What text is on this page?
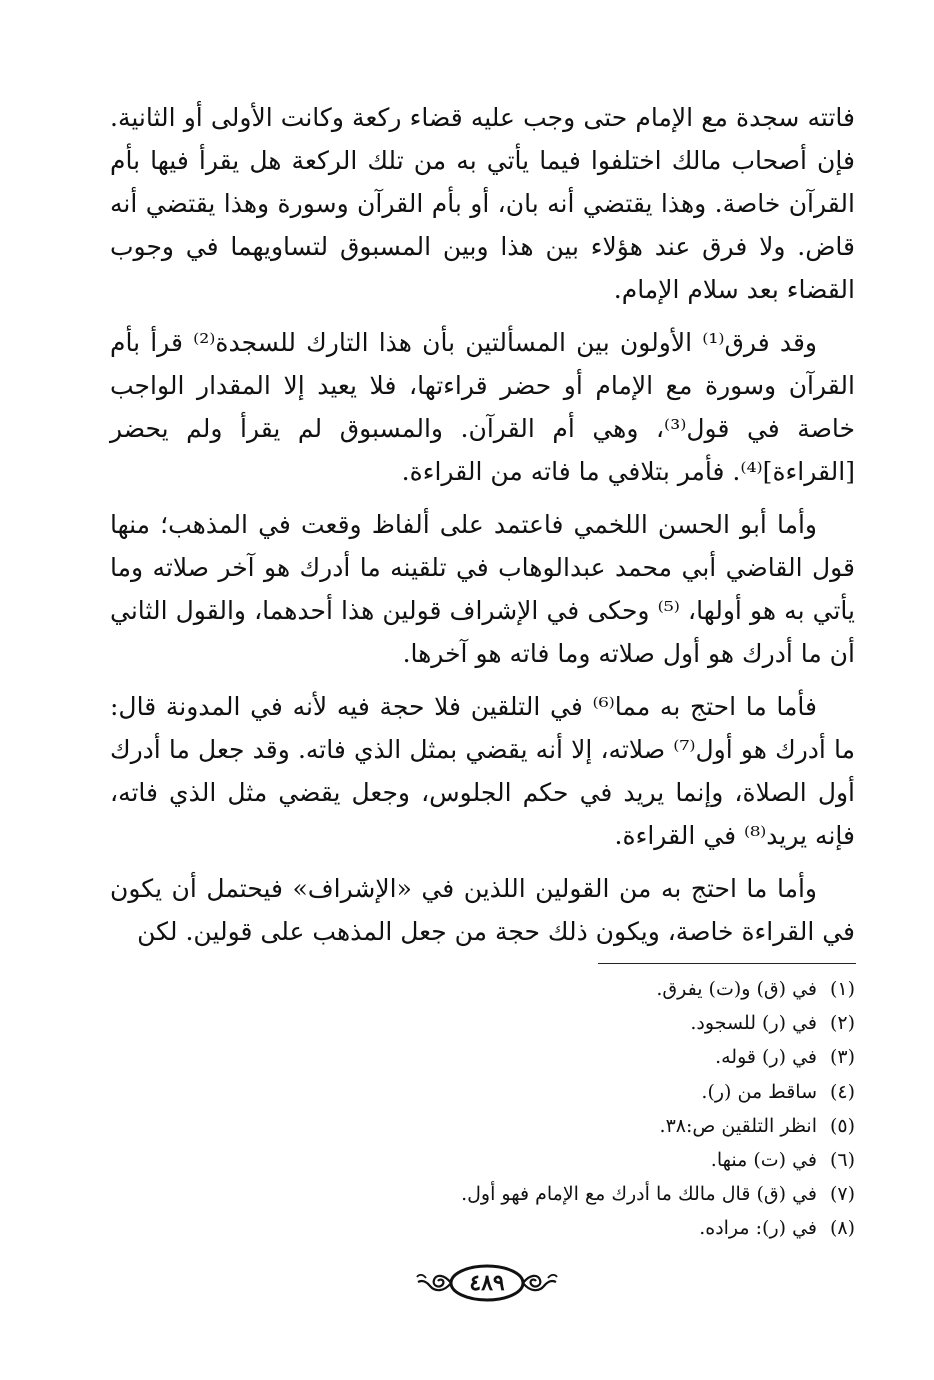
فاتته سجدة مع الإمام حتى وجب عليه قضاء ركعة وكانت الأولى أو الثانية. فإن أصحاب مالك اختلفوا فيما يأتي به من تلك الركعة هل يقرأ فيها بأم القرآن خاصة. وهذا يقتضي أنه بان، أو بأم القرآن وسورة وهذا يقتضي أنه قاض. ولا فرق عند هؤلاء بين هذا وبين المسبوق لتساويهما في وجوب القضاء بعد سلام الإمام.

وقد فرق⁽¹⁾ الأولون بين المسألتين بأن هذا التارك للسجدة⁽²⁾ قرأ بأم القرآن وسورة مع الإمام أو حضر قراءتها، فلا يعيد إلا المقدار الواجب خاصة في قول⁽³⁾، وهي أم القرآن. والمسبوق لم يقرأ ولم يحضر [القراءة]⁽⁴⁾. فأمر بتلافي ما فاته من القراءة.

وأما أبو الحسن اللخمي فاعتمد على ألفاظ وقعت في المذهب؛ منها قول القاضي أبي محمد عبدالوهاب في تلقينه ما أدرك هو آخر صلاته وما يأتي به هو أولها، ⁽⁵⁾ وحكى في الإشراف قولين هذا أحدهما، والقول الثاني أن ما أدرك هو أول صلاته وما فاته هو آخرها.

فأما ما احتج به مما⁽⁶⁾ في التلقين فلا حجة فيه لأنه في المدونة قال: ما أدرك هو أول⁽⁷⁾ صلاته، إلا أنه يقضي بمثل الذي فاته. وقد جعل ما أدرك أول الصلاة، وإنما يريد في حكم الجلوس، وجعل يقضي مثل الذي فاته، فإنه يريد⁽⁸⁾ في القراءة.

وأما ما احتج به من القولين اللذين في «الإشراف» فيحتمل أن يكون في القراءة خاصة، ويكون ذلك حجة من جعل المذهب على قولين. لكن

(١)في (ق) و(ت) يفرق.
(٢)في (ر) للسجود.
(٣)في (ر) قوله.
(٤)ساقط من (ر).
(٥)انظر التلقين ص:٣٨.
(٦)في (ت) منها.
(٧)في (ق) قال مالك ما أدرك مع الإمام فهو أول.
(٨)في (ر): مراده.
٤٨٩
